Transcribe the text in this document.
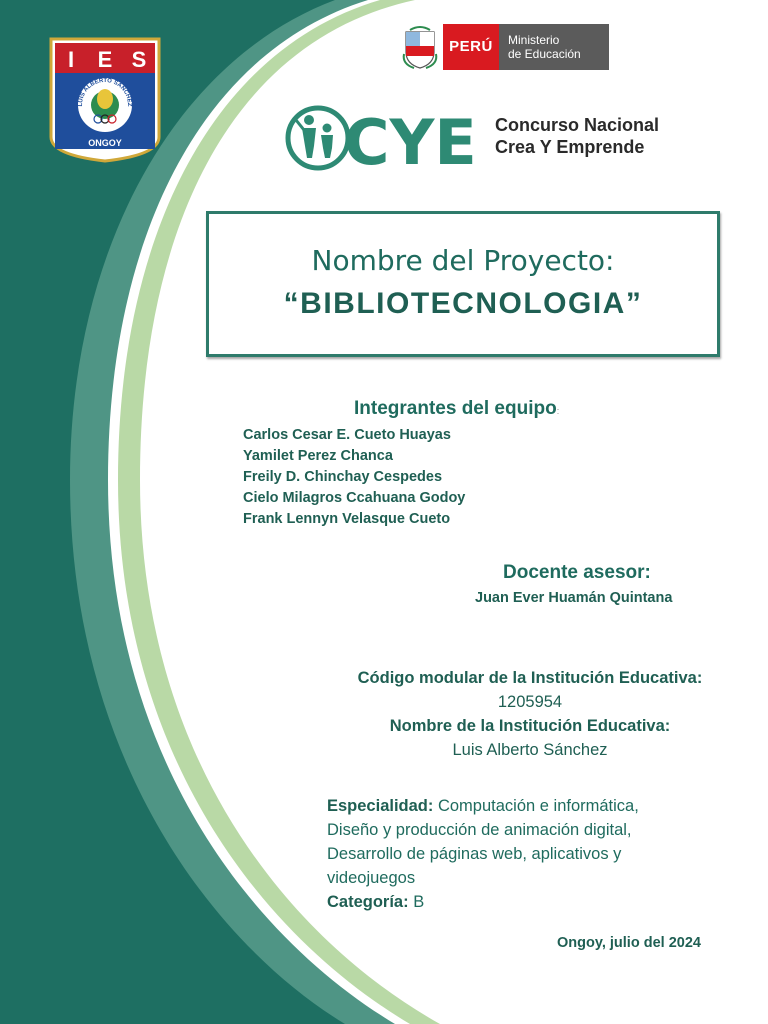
I E S
LUIS ALBERTO SÁNCHEZ
ONGOY
PERÚ	Ministerio
de Educación
CYE Concurso Nacional
Crea Y Emprende
Nombre del Proyecto:
“BIBLIOTECNOLOGIA”
Integrantes del equipo:
Carlos Cesar E. Cueto Huayas
Yamilet Perez Chanca
Freily D. Chinchay Cespedes
Cielo Milagros Ccahuana Godoy
Frank Lennyn Velasque Cueto
Docente asesor:
Juan Ever Huamán Quintana
Código modular de la Institución Educativa:
1205954
Nombre de la Institución Educativa:
Luis Alberto Sánchez
Especialidad: Computación e informática,
Diseño y producción de animación digital,
Desarrollo de páginas web, aplicativos y
videojuegos
Categoría: B
Ongoy, julio del 2024
